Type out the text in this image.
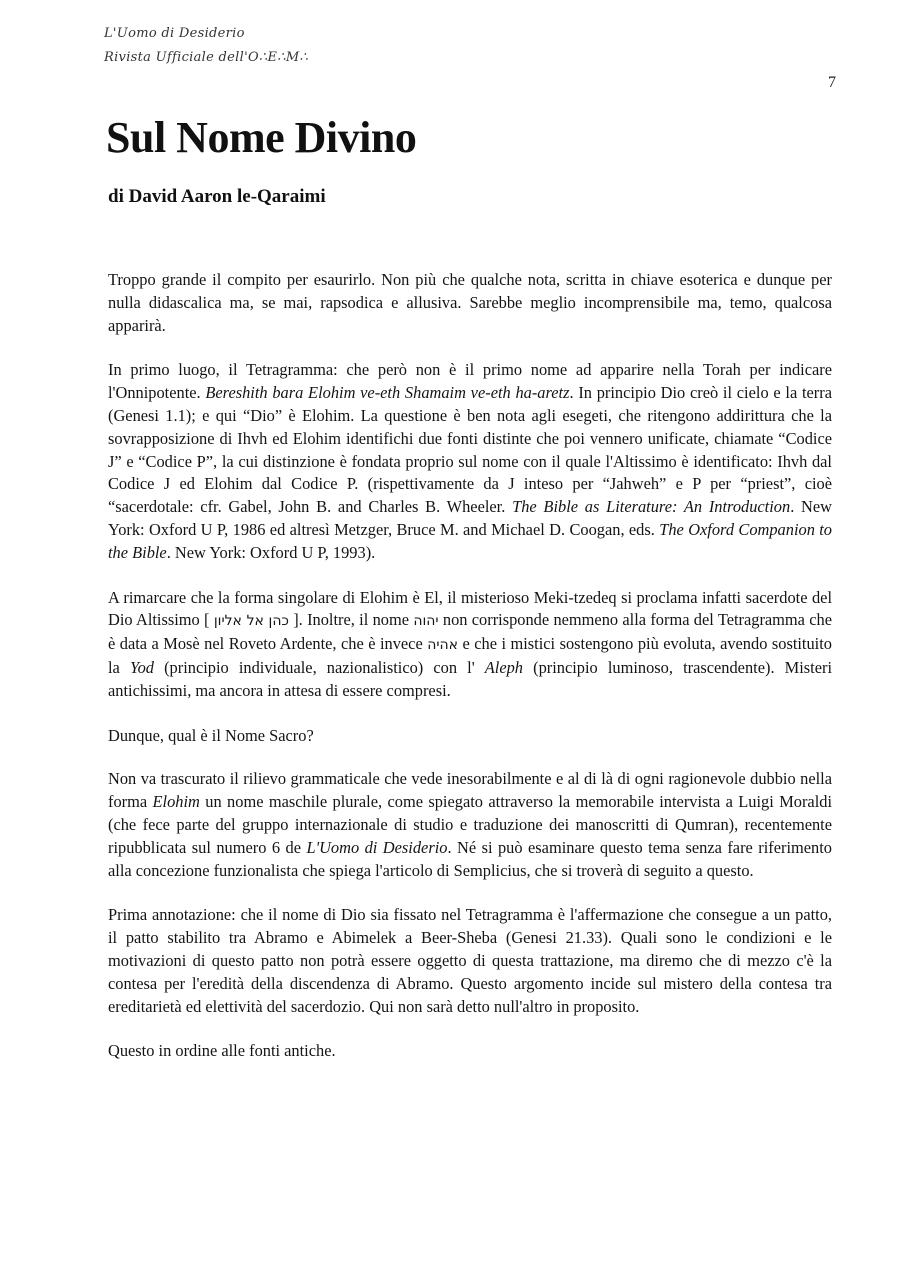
L'Uomo di Desiderio
Rivista Ufficiale dell'O∴E∴M∴
7
Sul Nome Divino
di David Aaron le-Qaraimi

Troppo grande il compito per esaurirlo. Non più che qualche nota, scritta in chiave esoterica e dunque per nulla didascalica ma, se mai, rapsodica e allusiva. Sarebbe meglio incomprensibile ma, temo, qualcosa apparirà.

In primo luogo, il Tetragramma: che però non è il primo nome ad apparire nella Torah per indicare l'Onnipotente. Bereshith bara Elohim ve-eth Shamaim ve-eth ha-aretz. In principio Dio creò il cielo e la terra (Genesi 1.1); e qui “Dio” è Elohim. La questione è ben nota agli esegeti, che ritengono addirittura che la sovrapposizione di Ihvh ed Elohim identifichi due fonti distinte che poi vennero unificate, chiamate “Codice J” e “Codice P”, la cui distinzione è fondata proprio sul nome con il quale l'Altissimo è identificato: Ihvh dal Codice J ed Elohim dal Codice P. (rispettivamente da J inteso per “Jahweh” e P per “priest”, cioè “sacerdotale: cfr. Gabel, John B. and Charles B. Wheeler. The Bible as Literature: An Introduction. New York: Oxford U P, 1986 ed altresì Metzger, Bruce M. and Michael D. Coogan, eds. The Oxford Companion to the Bible. New York: Oxford U P, 1993).

A rimarcare che la forma singolare di Elohim è El, il misterioso Meki-tzedeq si proclama infatti sacerdote del Dio Altissimo [ כהן אל אליון ]. Inoltre, il nome יהוה non corrisponde nemmeno alla forma del Tetragramma che è data a Mosè nel Roveto Ardente, che è invece אהיה e che i mistici sostengono più evoluta, avendo sostituito la Yod (principio individuale, nazionalistico) con l' Aleph (principio luminoso, trascendente). Misteri antichissimi, ma ancora in attesa di essere compresi.

Dunque, qual è il Nome Sacro?

Non va trascurato il rilievo grammaticale che vede inesorabilmente e al di là di ogni ragionevole dubbio nella forma Elohim un nome maschile plurale, come spiegato attraverso la memorabile intervista a Luigi Moraldi (che fece parte del gruppo internazionale di studio e traduzione dei manoscritti di Qumran), recentemente ripubblicata sul numero 6 de L'Uomo di Desiderio. Né si può esaminare questo tema senza fare riferimento alla concezione funzionalista che spiega l'articolo di Semplicius, che si troverà di seguito a questo.

Prima annotazione: che il nome di Dio sia fissato nel Tetragramma è l'affermazione che consegue a un patto, il patto stabilito tra Abramo e Abimelek a Beer-Sheba (Genesi 21.33). Quali sono le condizioni e le motivazioni di questo patto non potrà essere oggetto di questa trattazione, ma diremo che di mezzo c'è la contesa per l'eredità della discendenza di Abramo. Questo argomento incide sul mistero della contesa tra ereditarietà ed elettività del sacerdozio. Qui non sarà detto null'altro in proposito.

Questo in ordine alle fonti antiche.
